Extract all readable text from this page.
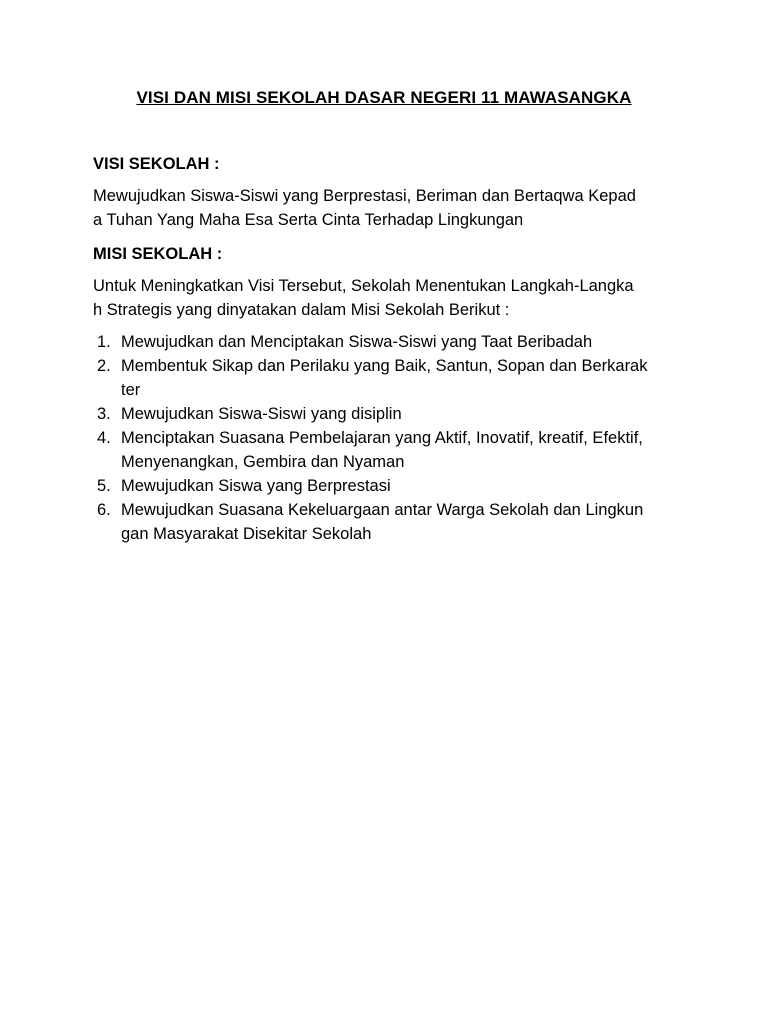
VISI DAN MISI SEKOLAH DASAR NEGERI 11 MAWASANGKA
VISI SEKOLAH :
Mewujudkan Siswa-Siswi yang Berprestasi, Beriman dan Bertaqwa Kepad
a Tuhan Yang Maha Esa Serta Cinta Terhadap Lingkungan
MISI SEKOLAH :
Untuk Meningkatkan Visi Tersebut, Sekolah Menentukan Langkah-Langka
h Strategis yang dinyatakan dalam Misi Sekolah Berikut :
1. Mewujudkan dan Menciptakan Siswa-Siswi yang Taat Beribadah
2. Membentuk Sikap dan Perilaku yang Baik, Santun, Sopan dan Berkarak
ter
3. Mewujudkan Siswa-Siswi yang disiplin
4. Menciptakan Suasana Pembelajaran yang Aktif, Inovatif, kreatif, Efektif,
Menyenangkan, Gembira dan Nyaman
5. Mewujudkan Siswa yang Berprestasi
6. Mewujudkan Suasana Kekeluargaan antar Warga Sekolah dan Lingkun
gan Masyarakat Disekitar Sekolah
